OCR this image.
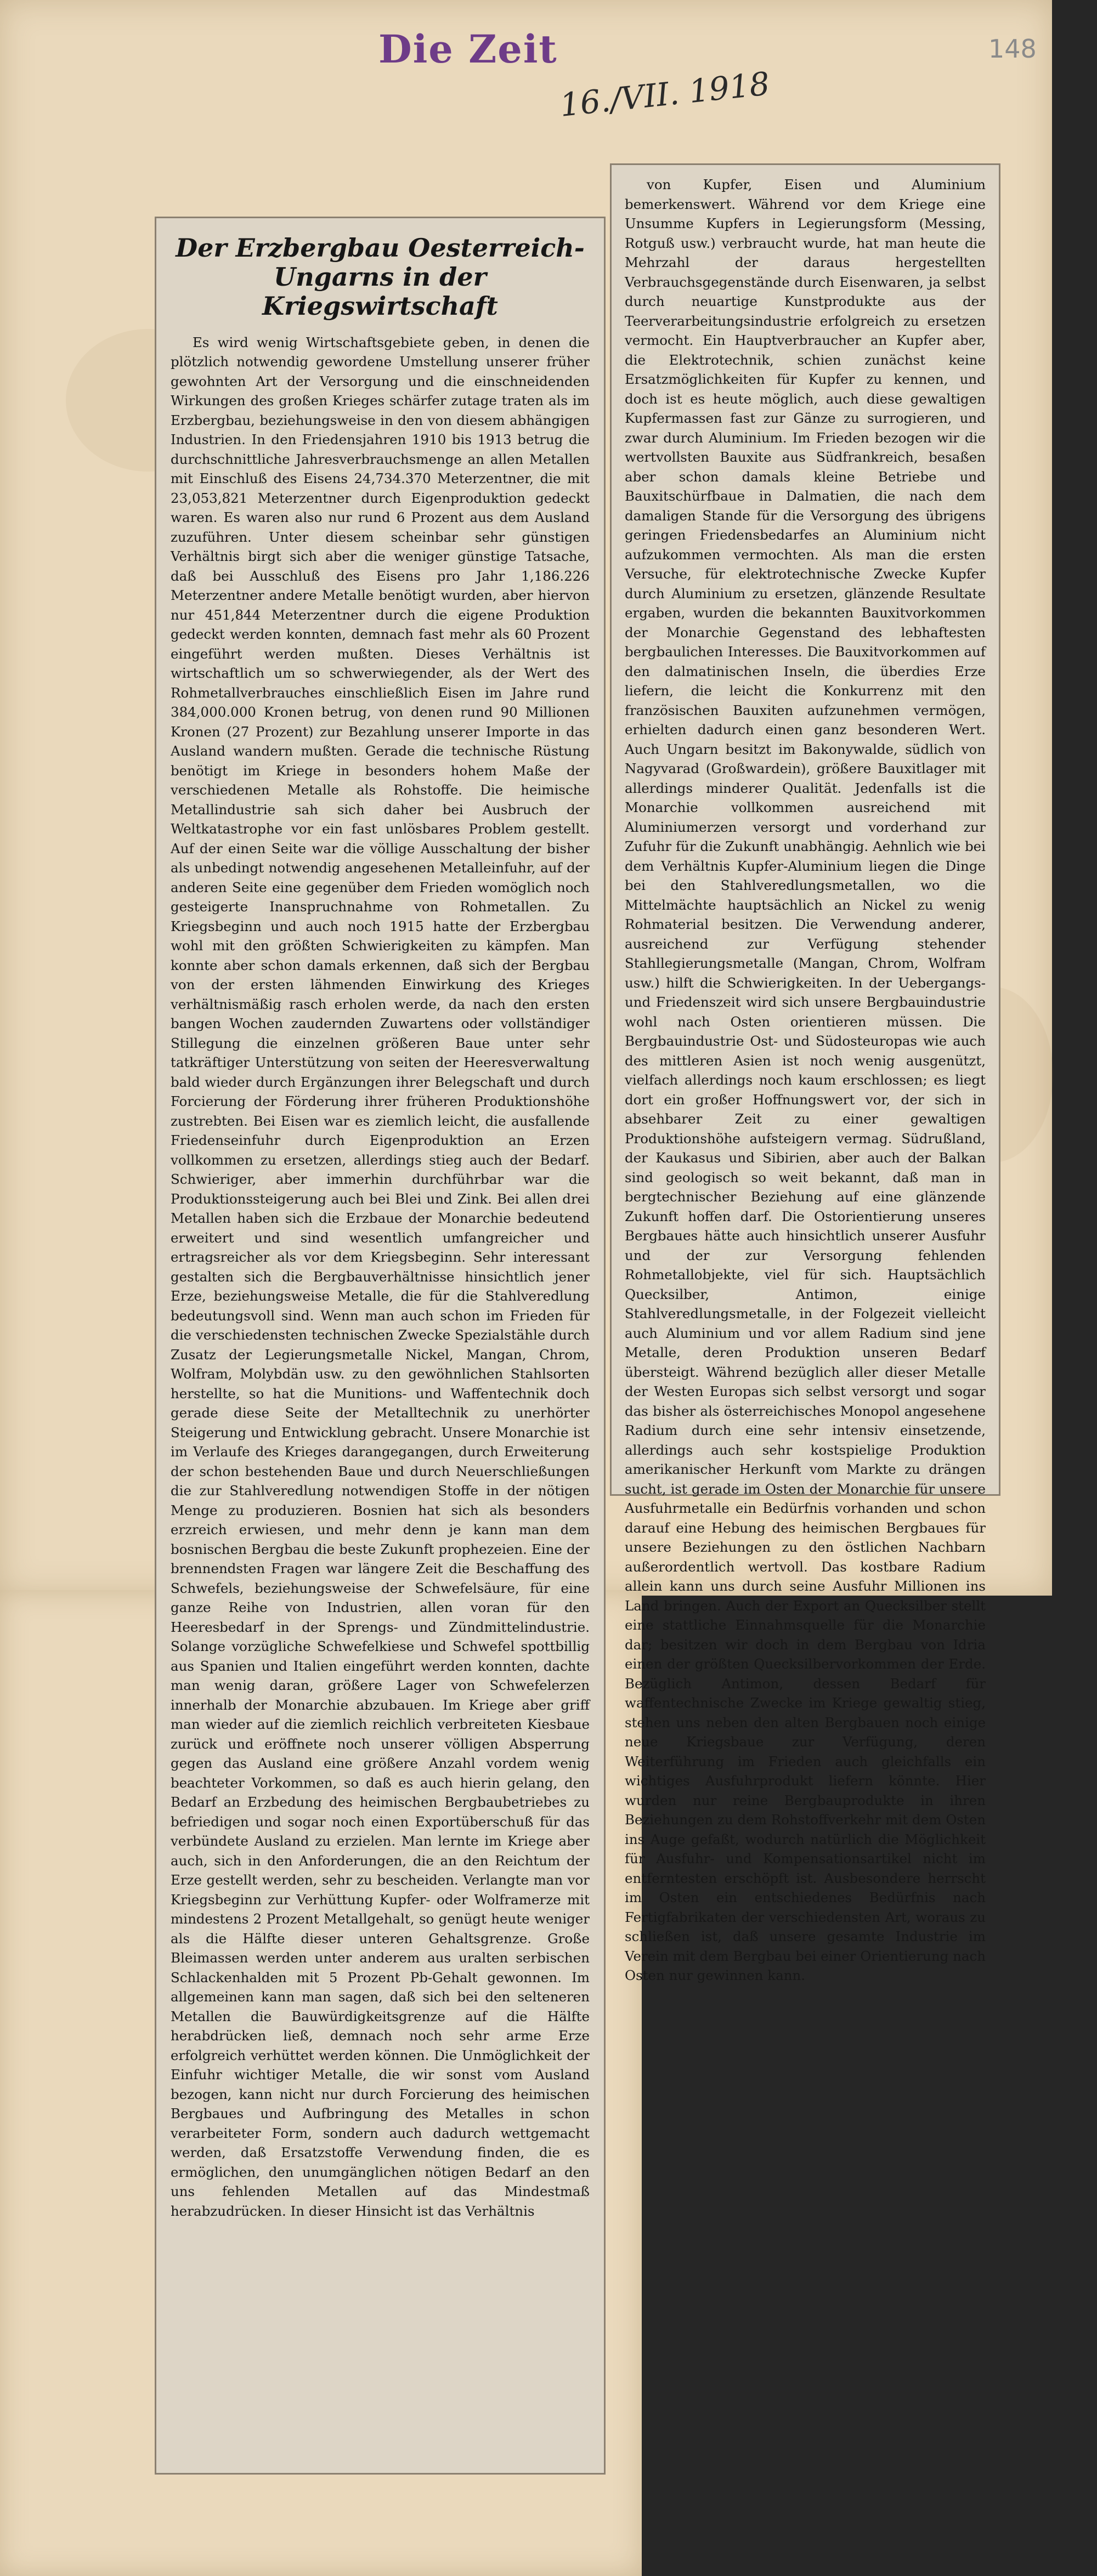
Die Zeit
16./VII. 1918
148
Der Erzbergbau Oesterreich-Ungarns in der Kriegswirtschaft

Es wird wenig Wirtschaftsgebiete geben, in denen die plötzlich notwendig gewordene Umstellung unserer früher gewohnten Art der Versorgung und die einschneidenden Wirkungen des großen Krieges schärfer zutage traten als im Erzbergbau, beziehungsweise in den von diesem abhängigen Industrien. In den Friedensjahren 1910 bis 1913 betrug die durchschnittliche Jahresverbrauchsmenge an allen Metallen mit Einschluß des Eisens 24,734.370 Meterzentner, die mit 23,053,821 Meterzentner durch Eigenproduktion gedeckt waren. Es waren also nur rund 6 Prozent aus dem Ausland zuzuführen. Unter diesem scheinbar sehr günstigen Verhältnis birgt sich aber die weniger günstige Tatsache, daß bei Ausschluß des Eisens pro Jahr 1,186.226 Meterzentner andere Metalle benötigt wurden, aber hiervon nur 451,844 Meterzentner durch die eigene Produktion gedeckt werden konnten, demnach fast mehr als 60 Prozent eingeführt werden mußten. Dieses Verhältnis ist wirtschaftlich um so schwerwiegender, als der Wert des Rohmetallverbrauches einschließlich Eisen im Jahre rund 384,000.000 Kronen betrug, von denen rund 90 Millionen Kronen (27 Prozent) zur Bezahlung unserer Importe in das Ausland wandern mußten. Gerade die technische Rüstung benötigt im Kriege in besonders hohem Maße der verschiedenen Metalle als Rohstoffe. Die heimische Metallindustrie sah sich daher bei Ausbruch der Weltkatastrophe vor ein fast unlösbares Problem gestellt. Auf der einen Seite war die völlige Ausschaltung der bisher als unbedingt notwendig angesehenen Metalleinfuhr, auf der anderen Seite eine gegenüber dem Frieden womöglich noch gesteigerte Inanspruchnahme von Rohmetallen. Zu Kriegsbeginn und auch noch 1915 hatte der Erzbergbau wohl mit den größten Schwierigkeiten zu kämpfen. Man konnte aber schon damals erkennen, daß sich der Bergbau von der ersten lähmenden Einwirkung des Krieges verhältnismäßig rasch erholen werde, da nach den ersten bangen Wochen zaudernden Zuwartens oder vollständiger Stillegung die einzelnen größeren Baue unter sehr tatkräftiger Unterstützung von seiten der Heeresverwaltung bald wieder durch Ergänzungen ihrer Belegschaft und durch Forcierung der Förderung ihrer früheren Produktionshöhe zustrebten. Bei Eisen war es ziemlich leicht, die ausfallende Friedenseinfuhr durch Eigenproduktion an Erzen vollkommen zu ersetzen, allerdings stieg auch der Bedarf. Schwieriger, aber immerhin durchführbar war die Produktionssteigerung auch bei Blei und Zink. Bei allen drei Metallen haben sich die Erzbaue der Monarchie bedeutend erweitert und sind wesentlich umfangreicher und ertragsreicher als vor dem Kriegsbeginn. Sehr interessant gestalten sich die Bergbauverhältnisse hinsichtlich jener Erze, beziehungsweise Metalle, die für die Stahlveredlung bedeutungsvoll sind. Wenn man auch schon im Frieden für die verschiedensten technischen Zwecke Spezialstähle durch Zusatz der Legierungsmetalle Nickel, Mangan, Chrom, Wolfram, Molybdän usw. zu den gewöhnlichen Stahlsorten herstellte, so hat die Munitions- und Waffentechnik doch gerade diese Seite der Metalltechnik zu unerhörter Steigerung und Entwicklung gebracht. Unsere Monarchie ist im Verlaufe des Krieges darangegangen, durch Erweiterung der schon bestehenden Baue und durch Neuerschließungen die zur Stahlveredlung notwendigen Stoffe in der nötigen Menge zu produzieren. Bosnien hat sich als besonders erzreich erwiesen, und mehr denn je kann man dem bosnischen Bergbau die beste Zukunft prophezeien. Eine der brennendsten Fragen war längere Zeit die Beschaffung des Schwefels, beziehungsweise der Schwefelsäure, für eine ganze Reihe von Industrien, allen voran für den Heeresbedarf in der Sprengs- und Zündmittelindustrie. Solange vorzügliche Schwefelkiese und Schwefel spottbillig aus Spanien und Italien eingeführt werden konnten, dachte man wenig daran, größere Lager von Schwefelerzen innerhalb der Monarchie abzubauen. Im Kriege aber griff man wieder auf die ziemlich reichlich verbreiteten Kiesbaue zurück und eröffnete noch unserer völligen Absperrung gegen das Ausland eine größere Anzahl vordem wenig beachteter Vorkommen, so daß es auch hierin gelang, den Bedarf an Erzbedung des heimischen Bergbaubetriebes zu befriedigen und sogar noch einen Exportüberschuß für das verbündete Ausland zu erzielen. Man lernte im Kriege aber auch, sich in den Anforderungen, die an den Reichtum der Erze gestellt werden, sehr zu bescheiden. Verlangte man vor Kriegsbeginn zur Verhüttung Kupfer- oder Wolframerze mit mindestens 2 Prozent Metallgehalt, so genügt heute weniger als die Hälfte dieser unteren Gehaltsgrenze. Große Bleimassen werden unter anderem aus uralten serbischen Schlackenhalden mit 5 Prozent Pb-Gehalt gewonnen. Im allgemeinen kann man sagen, daß sich bei den selteneren Metallen die Bauwürdigkeitsgrenze auf die Hälfte herabdrücken ließ, demnach noch sehr arme Erze erfolgreich verhüttet werden können. Die Unmöglichkeit der Einfuhr wichtiger Metalle, die wir sonst vom Ausland bezogen, kann nicht nur durch Forcierung des heimischen Bergbaues und Aufbringung des Metalles in schon verarbeiteter Form, sondern auch dadurch wettgemacht werden, daß Ersatzstoffe Verwendung finden, die es ermöglichen, den unumgänglichen nötigen Bedarf an den uns fehlenden Metallen auf das Mindestmaß herabzudrücken. In dieser Hinsicht ist das Verhältnis

von Kupfer, Eisen und Aluminium bemerkenswert. Während vor dem Kriege eine Unsumme Kupfers in Legierungsform (Messing, Rotguß usw.) verbraucht wurde, hat man heute die Mehrzahl der daraus hergestellten Verbrauchsgegenstände durch Eisenwaren, ja selbst durch neuartige Kunstprodukte aus der Teerverarbeitungsindustrie erfolgreich zu ersetzen vermocht. Ein Hauptverbraucher an Kupfer aber, die Elektrotechnik, schien zunächst keine Ersatzmöglichkeiten für Kupfer zu kennen, und doch ist es heute möglich, auch diese gewaltigen Kupfermassen fast zur Gänze zu surrogieren, und zwar durch Aluminium. Im Frieden bezogen wir die wertvollsten Bauxite aus Südfrankreich, besaßen aber schon damals kleine Betriebe und Bauxitschürfbaue in Dalmatien, die nach dem damaligen Stande für die Versorgung des übrigens geringen Friedensbedarfes an Aluminium nicht aufzukommen vermochten. Als man die ersten Versuche, für elektrotechnische Zwecke Kupfer durch Aluminium zu ersetzen, glänzende Resultate ergaben, wurden die bekannten Bauxitvorkommen der Monarchie Gegenstand des lebhaftesten bergbaulichen Interesses. Die Bauxitvorkommen auf den dalmatinischen Inseln, die überdies Erze liefern, die leicht die Konkurrenz mit den französischen Bauxiten aufzunehmen vermögen, erhielten dadurch einen ganz besonderen Wert. Auch Ungarn besitzt im Bakonywalde, südlich von Nagyvarad (Großwardein), größere Bauxitlager mit allerdings minderer Qualität. Jedenfalls ist die Monarchie vollkommen ausreichend mit Aluminiumerzen versorgt und vorderhand zur Zufuhr für die Zukunft unabhängig. Aehnlich wie bei dem Verhältnis Kupfer-Aluminium liegen die Dinge bei den Stahlveredlungsmetallen, wo die Mittelmächte hauptsächlich an Nickel zu wenig Rohmaterial besitzen. Die Verwendung anderer, ausreichend zur Verfügung stehender Stahllegierungsmetalle (Mangan, Chrom, Wolfram usw.) hilft die Schwierigkeiten. In der Uebergangs- und Friedenszeit wird sich unsere Bergbauindustrie wohl nach Osten orientieren müssen. Die Bergbauindustrie Ost- und Südosteuropas wie auch des mittleren Asien ist noch wenig ausgenützt, vielfach allerdings noch kaum erschlossen; es liegt dort ein großer Hoffnungswert vor, der sich in absehbarer Zeit zu einer gewaltigen Produktionshöhe aufsteigern vermag. Südrußland, der Kaukasus und Sibirien, aber auch der Balkan sind geologisch so weit bekannt, daß man in bergtechnischer Beziehung auf eine glänzende Zukunft hoffen darf. Die Ostorientierung unseres Bergbaues hätte auch hinsichtlich unserer Ausfuhr und der zur Versorgung fehlenden Rohmetallobjekte, viel für sich. Hauptsächlich Quecksilber, Antimon, einige Stahlveredlungsmetalle, in der Folgezeit vielleicht auch Aluminium und vor allem Radium sind jene Metalle, deren Produktion unseren Bedarf übersteigt. Während bezüglich aller dieser Metalle der Westen Europas sich selbst versorgt und sogar das bisher als österreichisches Monopol angesehene Radium durch eine sehr intensiv einsetzende, allerdings auch sehr kostspielige Produktion amerikanischer Herkunft vom Markte zu drängen sucht, ist gerade im Osten der Monarchie für unsere Ausfuhrmetalle ein Bedürfnis vorhanden und schon darauf eine Hebung des heimischen Bergbaues für unsere Beziehungen zu den östlichen Nachbarn außerordentlich wertvoll. Das kostbare Radium allein kann uns durch seine Ausfuhr Millionen ins Land bringen. Auch der Export an Quecksilber stellt eine stattliche Einnahmsquelle für die Monarchie dar; besitzen wir doch in dem Bergbau von Idria einen der größten Quecksilbervorkommen der Erde. Bezüglich Antimon, dessen Bedarf für waffentechnische Zwecke im Kriege gewaltig stieg, stehen uns neben den alten Bergbauen noch einige neue Kriegsbaue zur Verfügung, deren Weiterführung im Frieden auch gleichfalls ein wichtiges Ausfuhrprodukt liefern könnte. Hier wurden nur reine Bergbauprodukte in ihren Beziehungen zu dem Rohstoffverkehr mit dem Osten ins Auge gefaßt, wodurch natürlich die Möglichkeit für Ausfuhr- und Kompensationsartikel nicht im entferntesten erschöpft ist. Ausbesondere herrscht im Osten ein entschiedenes Bedürfnis nach Fertigfabrikaten der verschiedensten Art, woraus zu schließen ist, daß unsere gesamte Industrie im Verein mit dem Bergbau bei einer Orientierung nach Osten nur gewinnen kann.
